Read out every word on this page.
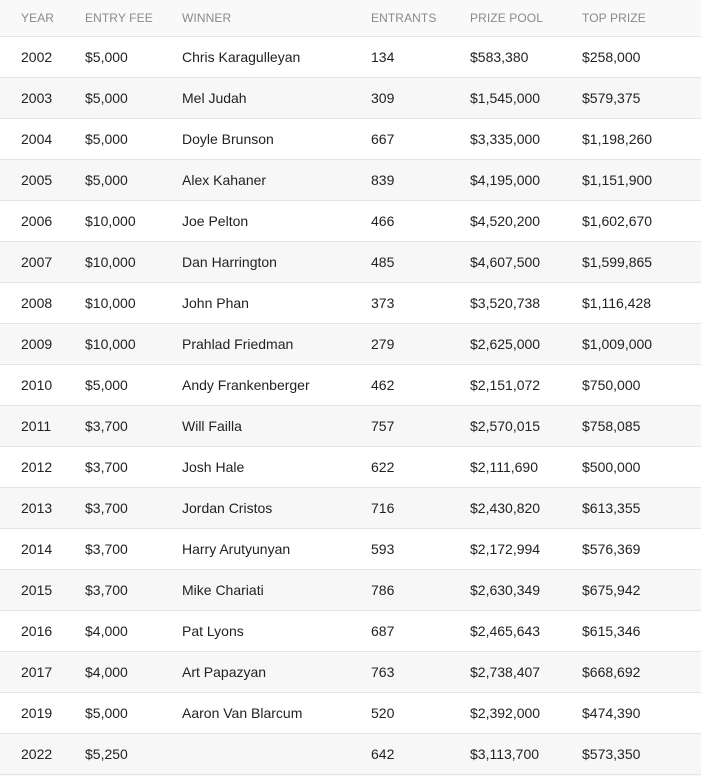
YEAR	ENTRY FEE	WINNER	ENTRANTS	PRIZE POOL	TOP PRIZE
2002	$5,000	Chris Karagulleyan	134	$583,380	$258,000
2003	$5,000	Mel Judah	309	$1,545,000	$579,375
2004	$5,000	Doyle Brunson	667	$3,335,000	$1,198,260
2005	$5,000	Alex Kahaner	839	$4,195,000	$1,151,900
2006	$10,000	Joe Pelton	466	$4,520,200	$1,602,670
2007	$10,000	Dan Harrington	485	$4,607,500	$1,599,865
2008	$10,000	John Phan	373	$3,520,738	$1,116,428
2009	$10,000	Prahlad Friedman	279	$2,625,000	$1,009,000
2010	$5,000	Andy Frankenberger	462	$2,151,072	$750,000
2011	$3,700	Will Failla	757	$2,570,015	$758,085
2012	$3,700	Josh Hale	622	$2,111,690	$500,000
2013	$3,700	Jordan Cristos	716	$2,430,820	$613,355
2014	$3,700	Harry Arutyunyan	593	$2,172,994	$576,369
2015	$3,700	Mike Chariati	786	$2,630,349	$675,942
2016	$4,000	Pat Lyons	687	$2,465,643	$615,346
2017	$4,000	Art Papazyan	763	$2,738,407	$668,692
2019	$5,000	Aaron Van Blarcum	520	$2,392,000	$474,390
2022	$5,250		642	$3,113,700	$573,350
